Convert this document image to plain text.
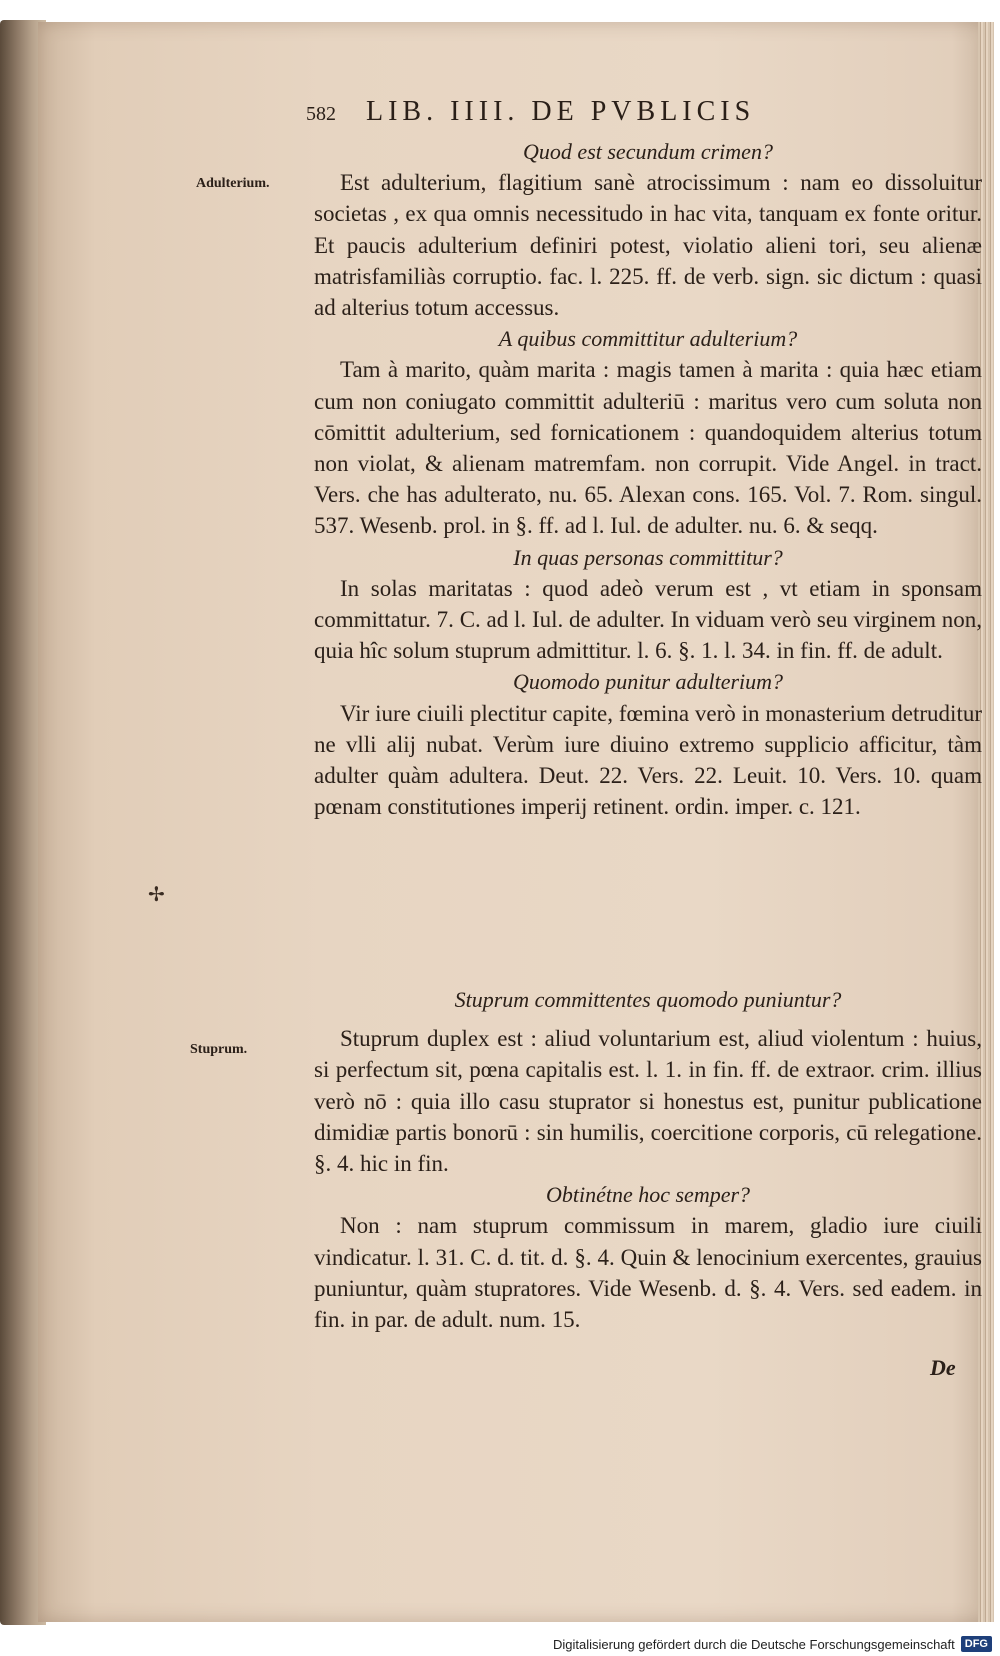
582 LIB. IIII. DE PVBLICIS
Adulterium.
Stuprum.
✢
Quod est secundum crimen?
Est adulterium, flagitium sanè atrocissimum : nam eo dissoluitur societas , ex qua omnis necessitudo in hac vita, tanquam ex fonte oritur. Et paucis adulterium definiri potest, violatio alieni tori, seu alienæ matrisfamiliàs corruptio. fac. l. 225. ff. de verb. sign. sic dictum : quasi ad alterius totum accessus.
A quibus committitur adulterium?
Tam à marito, quàm marita : magis tamen à marita : quia hæc etiam cum non coniugato committit adulteriū : maritus vero cum soluta non cōmittit adulterium, sed fornicationem : quandoquidem alterius totum non violat, & alienam matremfam. non corrupit. Vide Angel. in tract. Vers. che has adulterato, nu. 65. Alexan cons. 165. Vol. 7. Rom. singul. 537. Wesenb. prol. in §. ff. ad l. Iul. de adulter. nu. 6. & seqq.
In quas personas committitur?
In solas maritatas : quod adeò verum est , vt etiam in sponsam committatur. 7. C. ad l. Iul. de adulter. In viduam verò seu virginem non, quia hîc solum stuprum admittitur. l. 6. §. 1. l. 34. in fin. ff. de adult.
Quomodo punitur adulterium?
Vir iure ciuili plectitur capite, fœmina verò in monasterium detruditur ne vlli alij nubat. Verùm iure diuino extremo supplicio afficitur, tàm adulter quàm adultera. Deut. 22. Vers. 22. Leuit. 10. Vers. 10. quam pœnam constitutiones imperij retinent. ordin. imper. c. 121.
Stuprum committentes quomodo puniuntur?
Stuprum duplex est : aliud voluntarium est, aliud violentum : huius, si perfectum sit, pœna capitalis est. l. 1. in fin. ff. de extraor. crim. illius verò nō : quia illo casu stuprator si honestus est, punitur publicatione dimidiæ partis bonorū : sin humilis, coercitione corporis, cū relegatione. §. 4. hic in fin.
Obtinétne hoc semper?
Non : nam stuprum commissum in marem, gladio iure ciuili vindicatur. l. 31. C. d. tit. d. §. 4. Quin & lenocinium exercentes, grauius puniuntur, quàm stupratores. Vide Wesenb. d. §. 4. Vers. sed eadem. in fin. in par. de adult. num. 15.
De
Digitalisierung gefördert durch die Deutsche Forschungsgemeinschaft DFG
